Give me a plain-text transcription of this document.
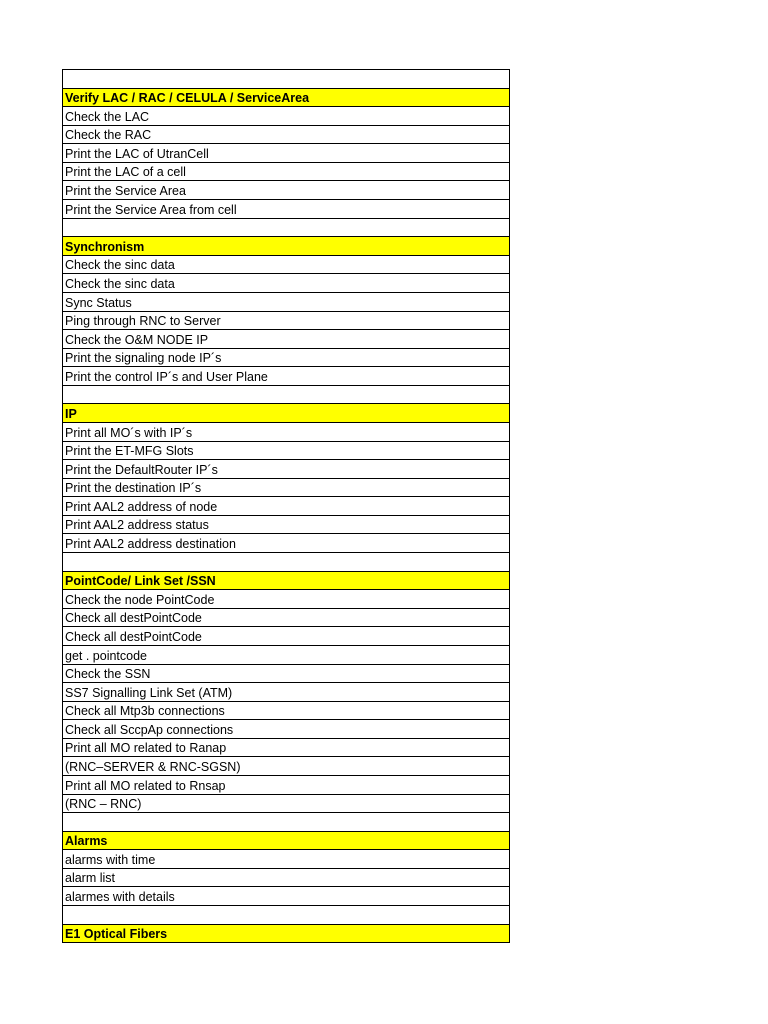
Verify LAC / RAC / CELULA / ServiceArea
Check the LAC
Check the RAC
Print the LAC of UtranCell
Print the LAC of a cell
Print the Service Area
Print the Service Area from cell
Synchronism
Check the sinc data
Check the sinc data
Sync Status
Ping through RNC to Server
Check the O&M NODE IP
Print the signaling node IP´s
Print the control IP´s and User Plane
IP
Print all MO´s with IP´s
Print the ET-MFG Slots
Print the DefaultRouter IP´s
Print the destination IP´s
Print AAL2 address of node
Print AAL2 address status
Print AAL2 address destination
PointCode/ Link Set /SSN
Check the node PointCode
Check all destPointCode
Check all destPointCode
get . pointcode
Check the SSN
SS7 Signalling Link Set (ATM)
Check all Mtp3b connections
Check all SccpAp connections
Print all MO related to Ranap
(RNC–SERVER & RNC-SGSN)
Print all MO related to Rnsap
(RNC – RNC)
Alarms
alarms with time
alarm list
alarmes with details
E1 Optical Fibers
